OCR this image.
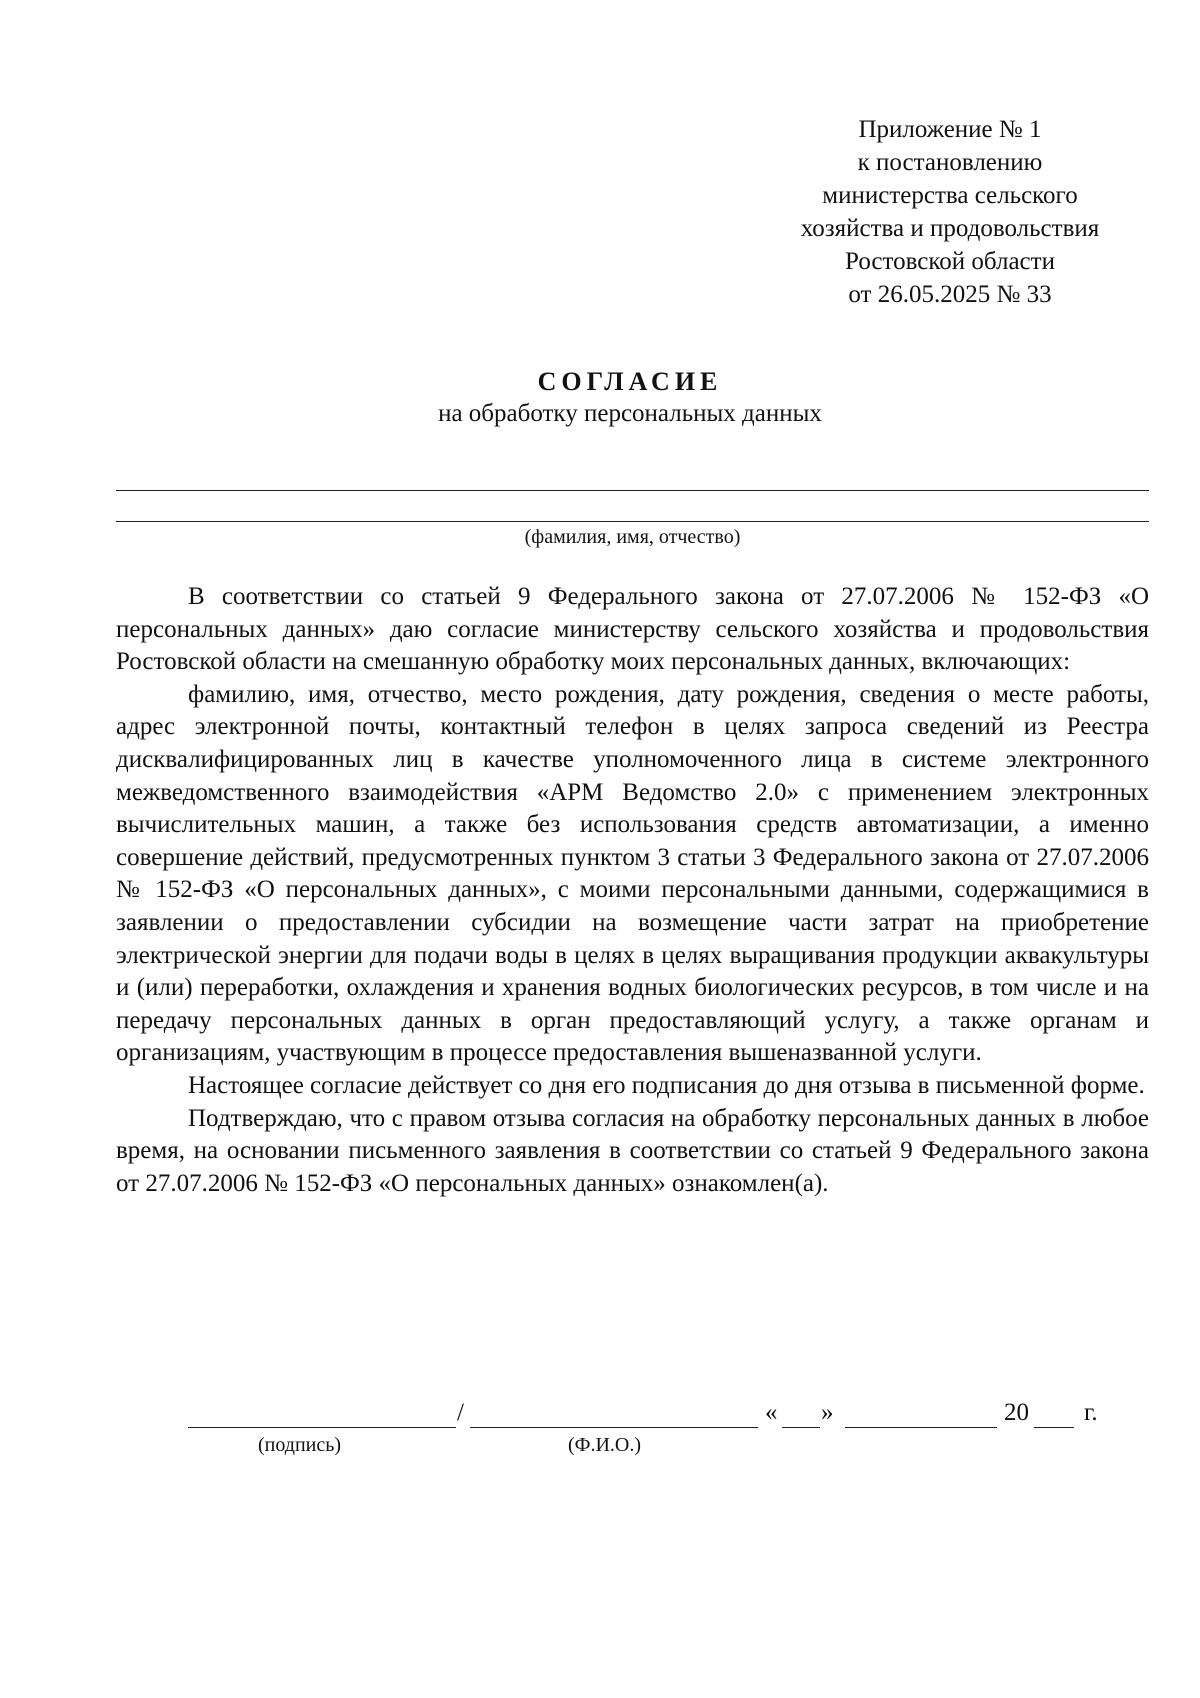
Приложение № 1
к постановлению
министерства сельского
хозяйства и продовольствия
Ростовской области
от 26.05.2025 № 33
СОГЛАСИЕ
на обработку персональных данных
(фамилия, имя, отчество)

В соответствии со статьей 9 Федерального закона от 27.07.2006 № 152-ФЗ «О персональных данных» даю согласие министерству сельского хозяйства и продовольствия Ростовской области на смешанную обработку моих персональных данных, включающих:

фамилию, имя, отчество, место рождения, дату рождения, сведения о месте работы, адрес электронной почты, контактный телефон в целях запроса сведений из Реестра дисквалифицированных лиц в качестве уполномоченного лица в системе электронного межведомственного взаимодействия «АРМ Ведомство 2.0» с применением электронных вычислительных машин, а также без использования средств автоматизации, а именно совершение действий, предусмотренных пунктом 3 статьи 3 Федерального закона от 27.07.2006 № 152-ФЗ «О персональных данных», с моими персональными данными, содержащимися в заявлении о предоставлении субсидии на возмещение части затрат на приобретение электрической энергии для подачи воды в целях в целях выращивания продукции аквакультуры и (или) переработки, охлаждения и хранения водных биологических ресурсов, в том числе и на передачу персональных данных в орган предоставляющий услугу, а также органам и организациям, участвующим в процессе предоставления вышеназванной услуги.

Настоящее согласие действует со дня его подписания до дня отзыва в письменной форме.

Подтверждаю, что с правом отзыва согласия на обработку персональных данных в любое время, на основании письменного заявления в соответствии со статьей 9 Федерального закона от 27.07.2006 № 152-ФЗ «О персональных данных» ознакомлен(а).

/	« »	20 г.
(подпись)	(Ф.И.О.)
